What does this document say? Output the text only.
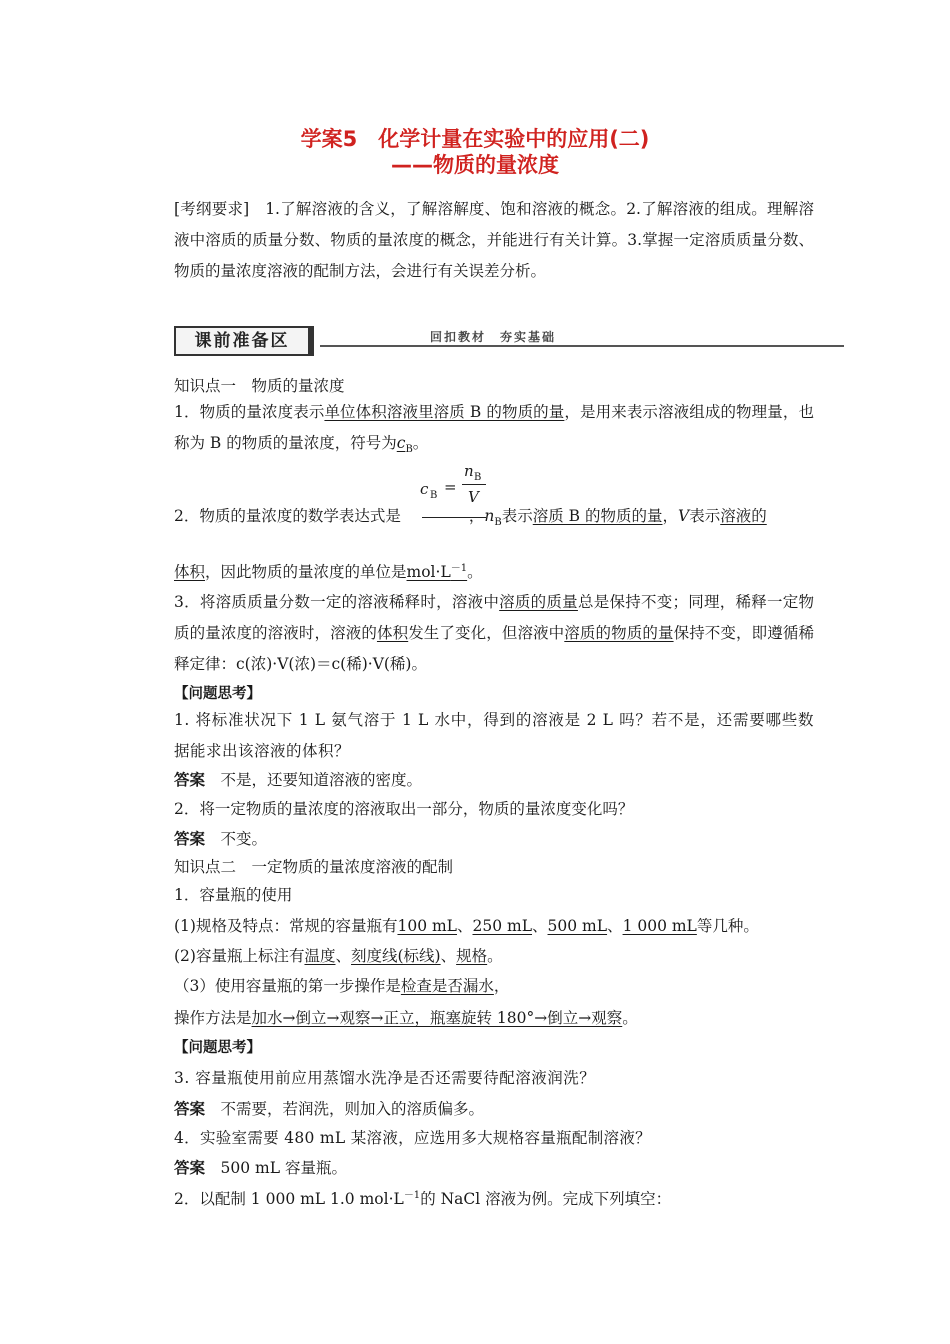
学案5　化学计量在实验中的应用(二)
——物质的量浓度
[考纲要求]　1.了解溶液的含义，了解溶解度、饱和溶液的概念。2.了解溶液的组成。理解溶液中溶质的质量分数、物质的量浓度的概念，并能进行有关计算。3.掌握一定溶质质量分数、物质的量浓度溶液的配制方法，会进行有关误差分析。
课前准备区	回扣教材　夯实基础
知识点一　物质的量浓度
1．物质的量浓度表示单位体积溶液里溶质 B 的物质的量，是用来表示溶液组成的物理量，也称为 B 的物质的量浓度，符号为$c_B$。
c B =
n B
V
2．物质的量浓度的数学表达式是	，$n_B$表示溶质 B 的物质的量，V表示溶液的
体积，因此物质的量浓度的单位是$mol\cdot L^{-1}$。
3．将溶质质量分数一定的溶液稀释时，溶液中溶质的质量总是保持不变；同理，稀释一定物质的量浓度的溶液时，溶液的体积发生了变化，但溶液中溶质的物质的量保持不变，即遵循稀释定律：c(浓)·V(浓)＝c(稀)·V(稀)。
【问题思考】
1. 将标准状况下 1 L 氨气溶于 1 L 水中，得到的溶液是 2 L 吗？若不是，还需要哪些数据能求出该溶液的体积？
答案　不是，还要知道溶液的密度。
2．将一定物质的量浓度的溶液取出一部分，物质的量浓度变化吗？
答案　不变。
知识点二　一定物质的量浓度溶液的配制
1．容量瓶的使用
(1)规格及特点：常规的容量瓶有100 mL、250 mL、500 mL、1 000 mL等几种。
(2)容量瓶上标注有温度、刻度线(标线)、规格。
（3）使用容量瓶的第一步操作是检查是否漏水，
操作方法是加水→倒立→观察→正立，瓶塞旋转 180°→倒立→观察。
【问题思考】
3. 容量瓶使用前应用蒸馏水洗净是否还需要待配溶液润洗？
答案　不需要，若润洗，则加入的溶质偏多。
4．实验室需要 480 mL 某溶液，应选用多大规格容量瓶配制溶液？
答案　500 mL 容量瓶。
2．以配制 1 000 mL 1.0 $mol\cdot L^{-1}$的 NaCl 溶液为例。完成下列填空：
